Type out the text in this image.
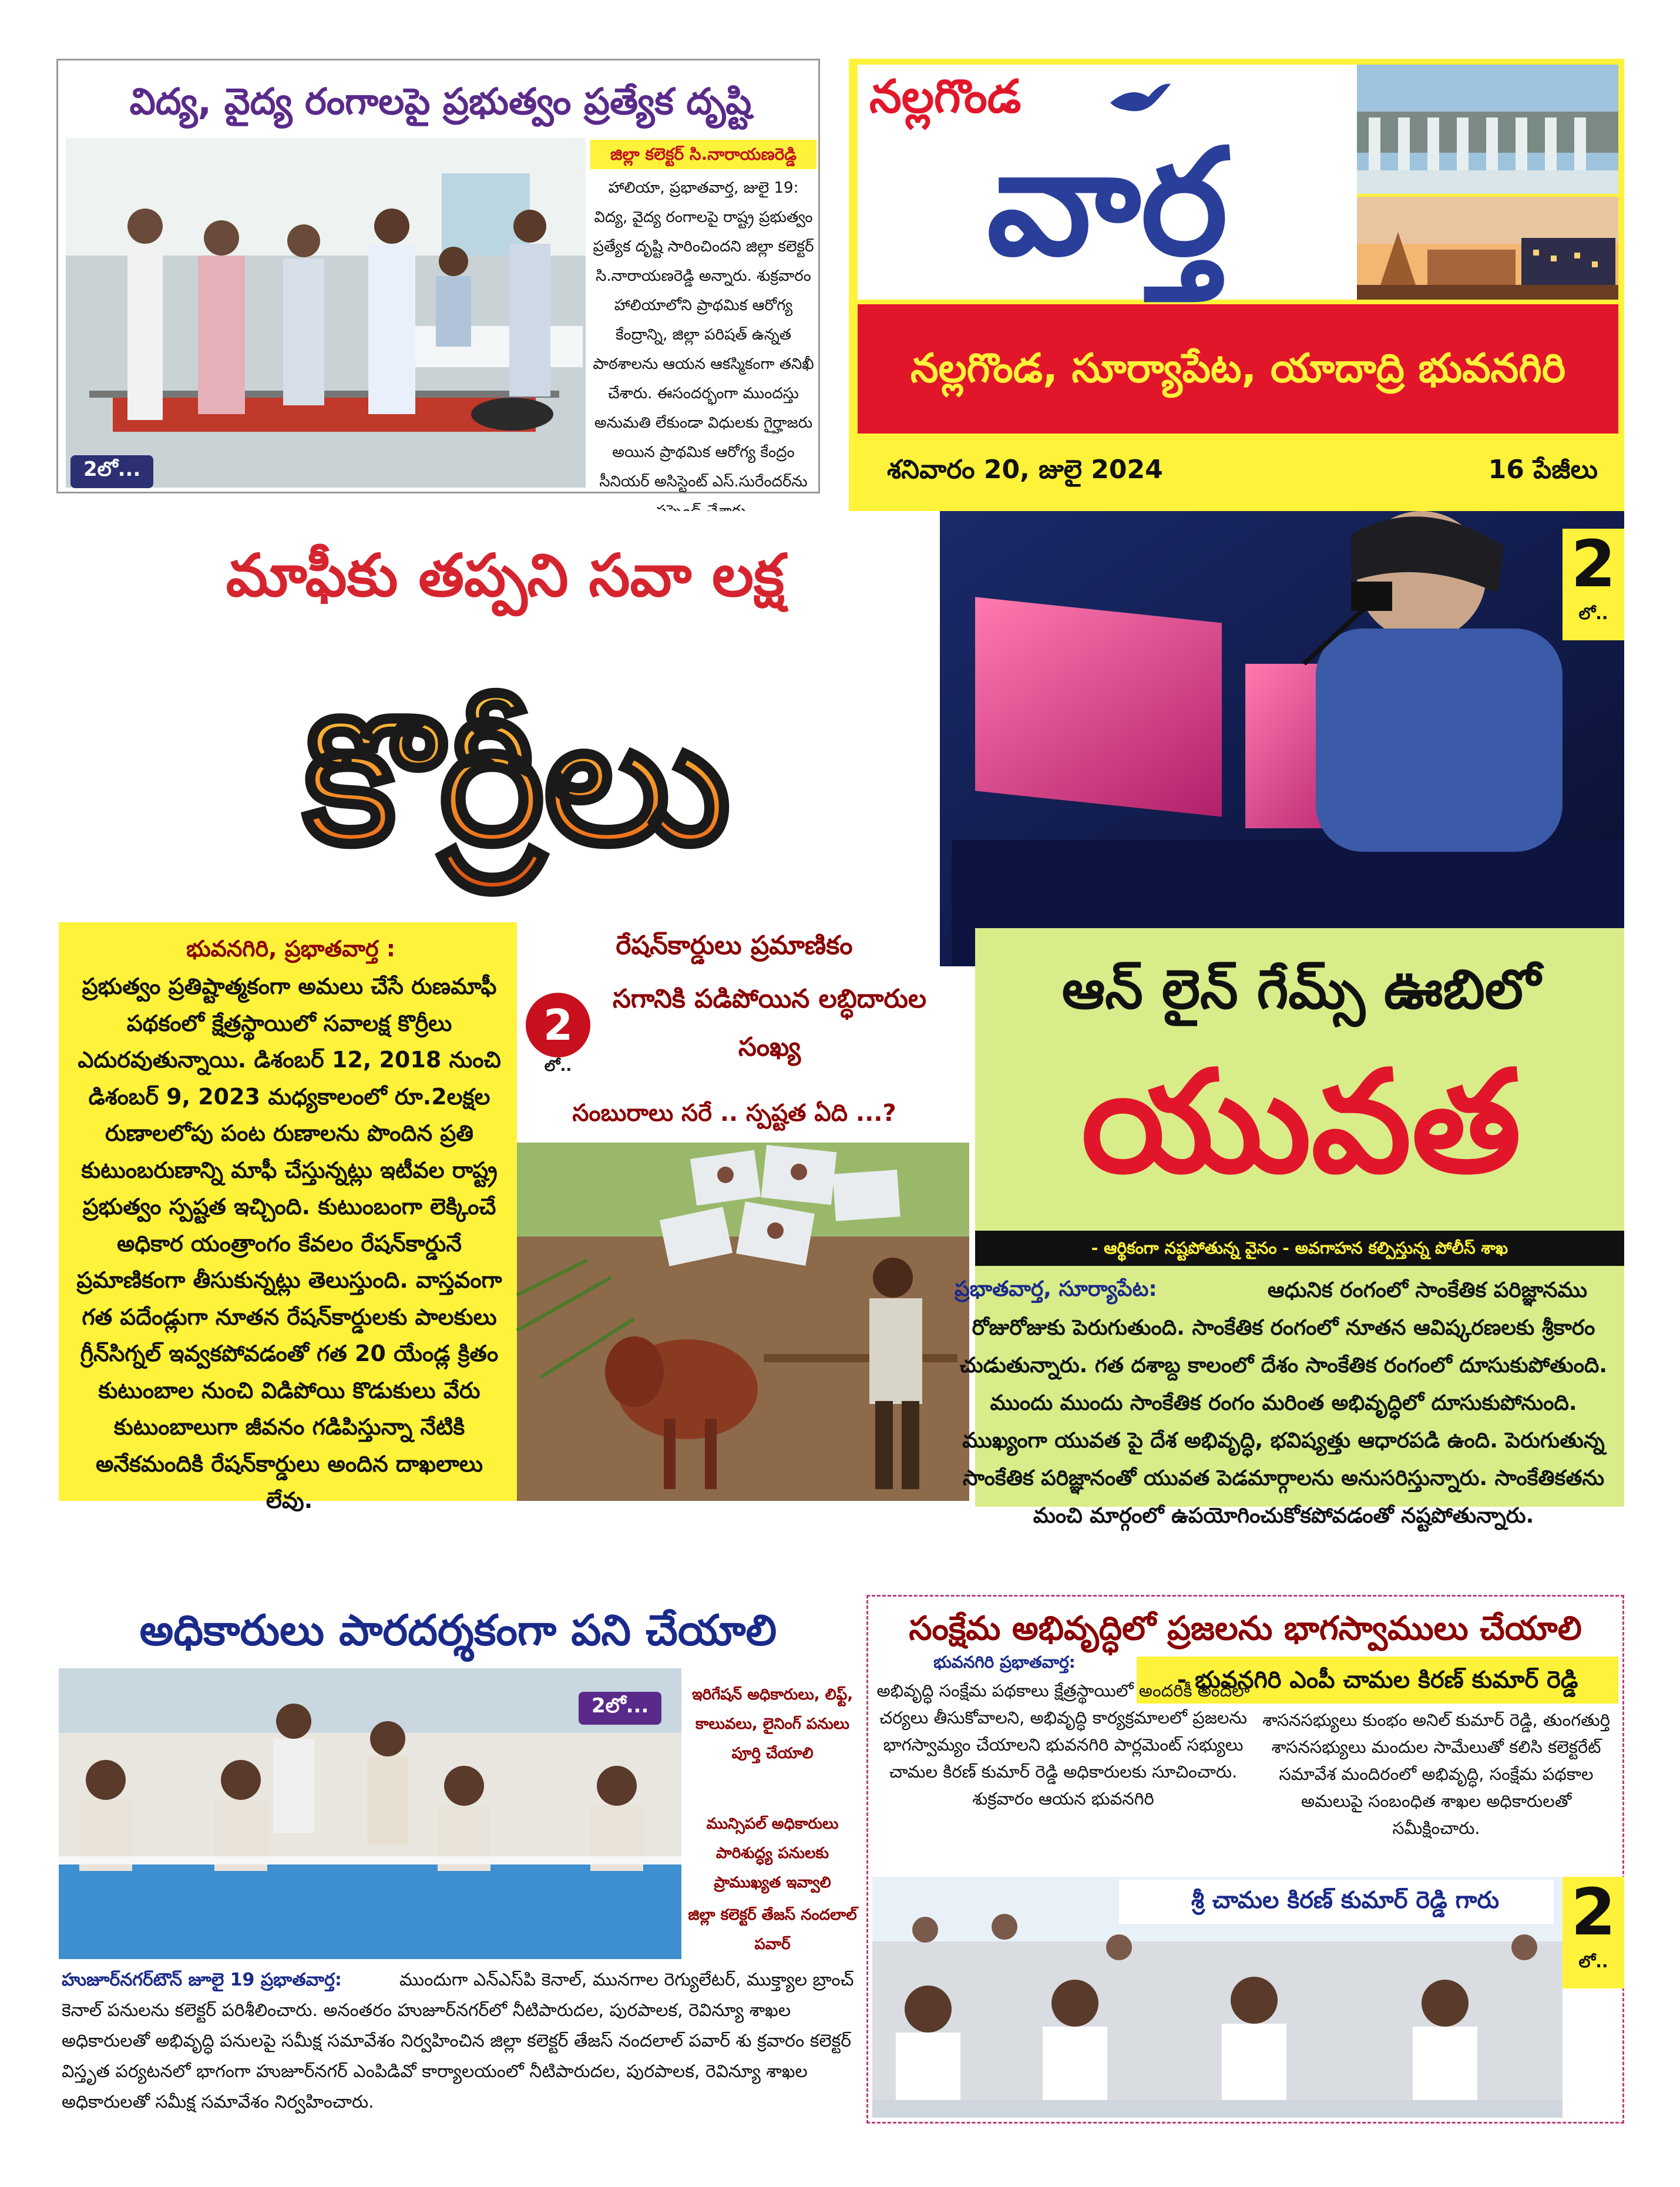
విద్య, వైద్య రంగాలపై ప్రభుత్వం ప్రత్యేక దృష్టి
2లో...
జిల్లా కలెక్టర్ సి.నారాయణరెడ్డి
హాలియా, ప్రభాతవార్త, జులై 19: విద్య, వైద్య రంగాలపై రాష్ట్ర ప్రభుత్వం ప్రత్యేక దృష్టి సారించిందని జిల్లా కలెక్టర్ సి.నారాయణరెడ్డి అన్నారు. శుక్రవారం హాలియాలోని ప్రాథమిక ఆరోగ్య కేంద్రాన్ని, జిల్లా పరిషత్ ఉన్నత పాఠశాలను ఆయన ఆకస్మికంగా తనిఖీ చేశారు. ఈసందర్భంగా ముందస్తు అనుమతి లేకుండా విధులకు గైర్హాజరు అయిన ప్రాథమిక ఆరోగ్య కేంద్రం సీనియర్ అసిస్టెంట్ ఎస్.సురేందర్‌ను
నల్లగొండ
వార్త
నల్లగొండ, సూర్యాపేట, యాదాద్రి భువనగిరి
శనివారం 20, జులై 2024	16 పేజీలు
మాఫీకు తప్పని సవా లక్ష
కొర్రీలు
భువనగిరి, ప్రభాతవార్త :
ప్రభుత్వం ప్రతిష్టాత్మకంగా అమలు చేసే రుణమాఫీ పథకంలో క్షేత్రస్థాయిలో సవాలక్ష కొర్రీలు ఎదురవుతున్నాయి. డిశంబర్ 12, 2018 నుంచి డిశంబర్ 9, 2023 మధ్యకాలంలో రూ.2లక్షల రుణాలలోపు పంట రుణాలను పొందిన ప్రతి కుటుంబరుణాన్ని మాఫీ చేస్తున్నట్లు ఇటీవల రాష్ట్ర ప్రభుత్వం స్పష్టత ఇచ్చింది. కుటుంబంగా లెక్కించే అధికార యంత్రాంగం కేవలం రేషన్‌కార్డునే ప్రమాణికంగా తీసుకున్నట్లు తెలుస్తుంది. వాస్తవంగా గత పదేండ్లుగా నూతన రేషన్‌కార్డులకు పాలకులు గ్రీన్‌సిగ్నల్ ఇవ్వకపోవడంతో గత 20 యేండ్ల క్రితం కుటుంబాల నుంచి విడిపోయి కొడుకులు వేరు కుటుంబాలుగా జీవనం గడిపిస్తున్నా నేటికి అనేకమందికి రేషన్‌కార్డులు అందిన దాఖలాలు లేవు.
రేషన్‌కార్డులు ప్రమాణికం
2
లో..
సగానికి పడిపోయిన లబ్ధిదారుల సంఖ్య
సంబురాలు సరే .. స్పష్టత ఏది ...?
2
లో..
ఆన్ లైన్ గేమ్స్ ఊబిలో
యువత
- ఆర్థికంగా నష్టపోతున్న వైనం - అవగాహన కల్పిస్తున్న పోలీస్ శాఖ
ప్రభాతవార్త, సూర్యాపేట:	ఆధునిక రంగంలో సాంకేతిక పరిజ్ఞానము రోజురోజుకు పెరుగుతుంది. సాంకేతిక రంగంలో నూతన ఆవిష్కరణలకు శ్రీకారం చుడుతున్నారు. గత దశాబ్ద కాలంలో దేశం సాంకేతిక రంగంలో దూసుకుపోతుంది. ముందు ముందు సాంకేతిక రంగం మరింత అభివృద్ధిలో దూసుకుపోనుంది. ముఖ్యంగా యువత పై దేశ అభివృద్ధి, భవిష్యత్తు ఆధారపడి ఉంది. పెరుగుతున్న సాంకేతిక పరిజ్ఞానంతో యువత పెడమార్గాలను అనుసరిస్తున్నారు. సాంకేతికతను మంచి మార్గంలో ఉపయోగించుకోకపోవడంతో నష్టపోతున్నారు.
అధికారులు పారదర్శకంగా పని చేయాలి
2లో...	ఇరిగేషన్ అధికారులు, లిఫ్ట్, కాలువలు, లైనింగ్ పనులు పూర్తి చేయాలి
మున్సిపల్ అధికారులు పారిశుద్ధ్య పనులకు ప్రాముఖ్యత ఇవ్వాలి
జిల్లా కలెక్టర్ తేజస్ నందలాల్ పవార్
హుజూర్‌నగర్‌టౌన్ జూలై 19 ప్రభాతవార్త:	ముందుగా ఎన్‌ఎస్‌పి కెనాల్, మునగాల రెగ్యులేటర్, ముక్త్యాల బ్రాంచ్ కెనాల్ పనులను కలెక్టర్ పరిశీలించారు. అనంతరం హుజూర్‌నగర్‌లో నీటిపారుదల, పురపాలక, రెవిన్యూ శాఖల అధికారులతో అభివృద్ధి పనులపై సమీక్ష సమావేశం నిర్వహించిన జిల్లా కలెక్టర్ తేజస్ నందలాల్ పవార్ శు క్రవారం కలెక్టర్ విస్తృత పర్యటనలో భాగంగా హుజూర్‌నగర్ ఎంపిడివో కార్యాలయంలో నీటిపారుదల, పురపాలక, రెవిన్యూ శాఖల అధికారులతో సమీక్ష సమావేశం నిర్వహించారు.
సంక్షేమ అభివృద్ధిలో ప్రజలను భాగస్వాములు చేయాలి
- భువనగిరి ఎంపీ చామల కిరణ్ కుమార్ రెడ్డి
భువనగిరి ప్రభాతవార్త:
అభివృద్ధి సంక్షేమ పథకాలు క్షేత్రస్థాయిలో అందరికీ అందేలా చర్యలు తీసుకోవాలని, అభివృద్ధి కార్యక్రమాలలో ప్రజలను భాగస్వామ్యం చేయాలని భువనగిరి పార్లమెంట్ సభ్యులు చామల కిరణ్ కుమార్ రెడ్డి అధికారులకు సూచించారు. శుక్రవారం ఆయన భువనగిరి
శాసనసభ్యులు కుంభం అనిల్ కుమార్ రెడ్డి, తుంగతుర్తి శాసనసభ్యులు మందుల సామేలుతో కలిసి కలెక్టరేట్ సమావేశ మందిరంలో అభివృద్ధి, సంక్షేమ పథకాల అమలుపై సంబంధిత శాఖల అధికారులతో సమీక్షించారు.
శ్రీ చామల కిరణ్ కుమార్ రెడ్డి గారు	2
లో..
